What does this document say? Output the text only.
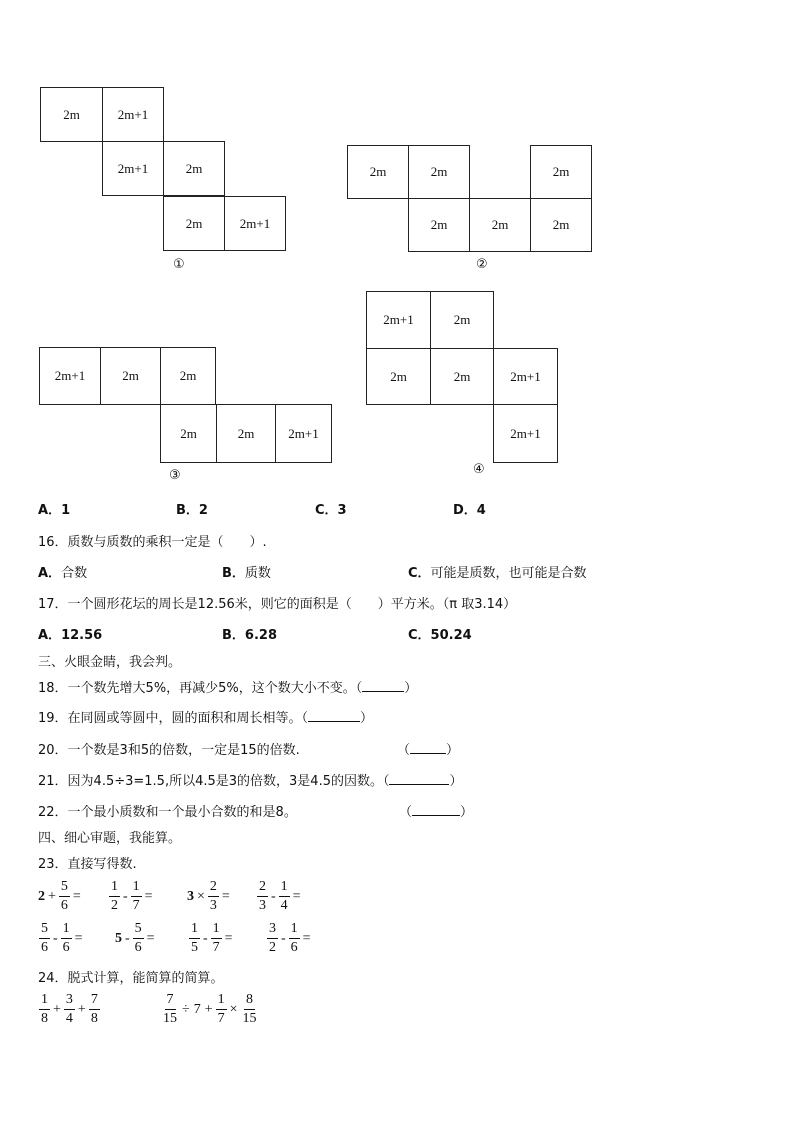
2m	2m+1
2m+1	2m
2m	2m+1
①
2m	2m	2m
2m	2m	2m
②
2m+1	2m	2m
2m	2m	2m+1
③
2m+1	2m
2m	2m	2m+1
2m+1
④
A．1	B．2	C．3	D．4
16．质数与质数的乘积一定是（　　）.
A．合数	B．质数	C．可能是质数，也可能是合数
17．一个圆形花坛的周长是12.56米，则它的面积是（　　）平方米。（π 取3.14）
A．12.56	B．6.28	C．50.24
三、火眼金睛，我会判。
18．一个数先增大5%，再减少5%，这个数大小不变。（	）
19．在同圆或等圆中，圆的面积和周长相等。（	）
20．一个数是3和5的倍数，一定是15的倍数.	（	）
21．因为4.5÷3=1.5,所以4.5是3的倍数，3是4.5的因数。（	）
22．一个最小质数和一个最小合数的和是8。	（	）
四、细心审题，我能算。
23．直接写得数.
$2 + \frac{5}{6} = \frac{1}{2} - \frac{1}{7} = 3 \times \frac{2}{3} = \frac{2}{3} - \frac{1}{4}$ =
$\frac{5}{6} - \frac{1}{6} = 5 - \frac{5}{6} = \frac{1}{5} - \frac{1}{7} = \frac{3}{2} - \frac{1}{6}$ =
24．脱式计算，能简算的简算。
$\frac{1}{8} + \frac{3}{4} + \frac{7}{8}$	$\frac{7}{15} \div 7 + \frac{1}{7} \times \frac{8}{15}$
